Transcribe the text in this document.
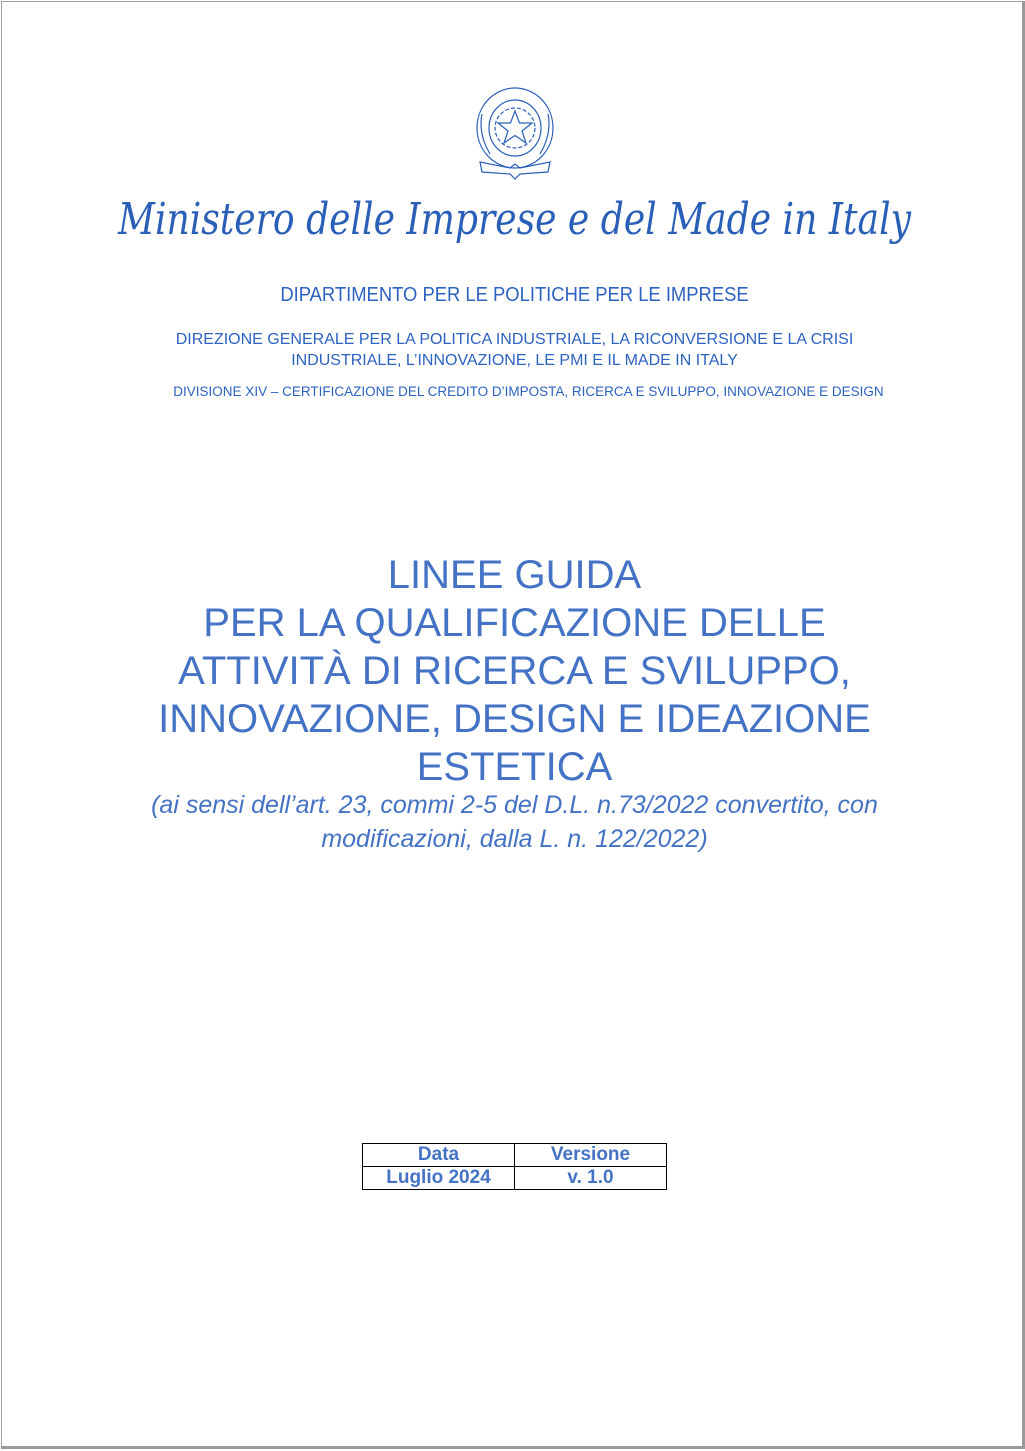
Ministero delle Imprese e del Made in Italy
DIPARTIMENTO PER LE POLITICHE PER LE IMPRESE
DIREZIONE GENERALE PER LA POLITICA INDUSTRIALE, LA RICONVERSIONE E LA CRISI
INDUSTRIALE, L’INNOVAZIONE, LE PMI E IL MADE IN ITALY
DIVISIONE XIV – CERTIFICAZIONE DEL CREDITO D’IMPOSTA, RICERCA E SVILUPPO, INNOVAZIONE E DESIGN
LINEE GUIDA
PER LA QUALIFICAZIONE DELLE
ATTIVITÀ DI RICERCA E SVILUPPO,
INNOVAZIONE, DESIGN E IDEAZIONE
ESTETICA
(ai sensi dell’art. 23, commi 2-5 del D.L. n.73/2022 convertito, con
modificazioni, dalla L. n. 122/2022)
Data	Versione
Luglio 2024	v. 1.0
